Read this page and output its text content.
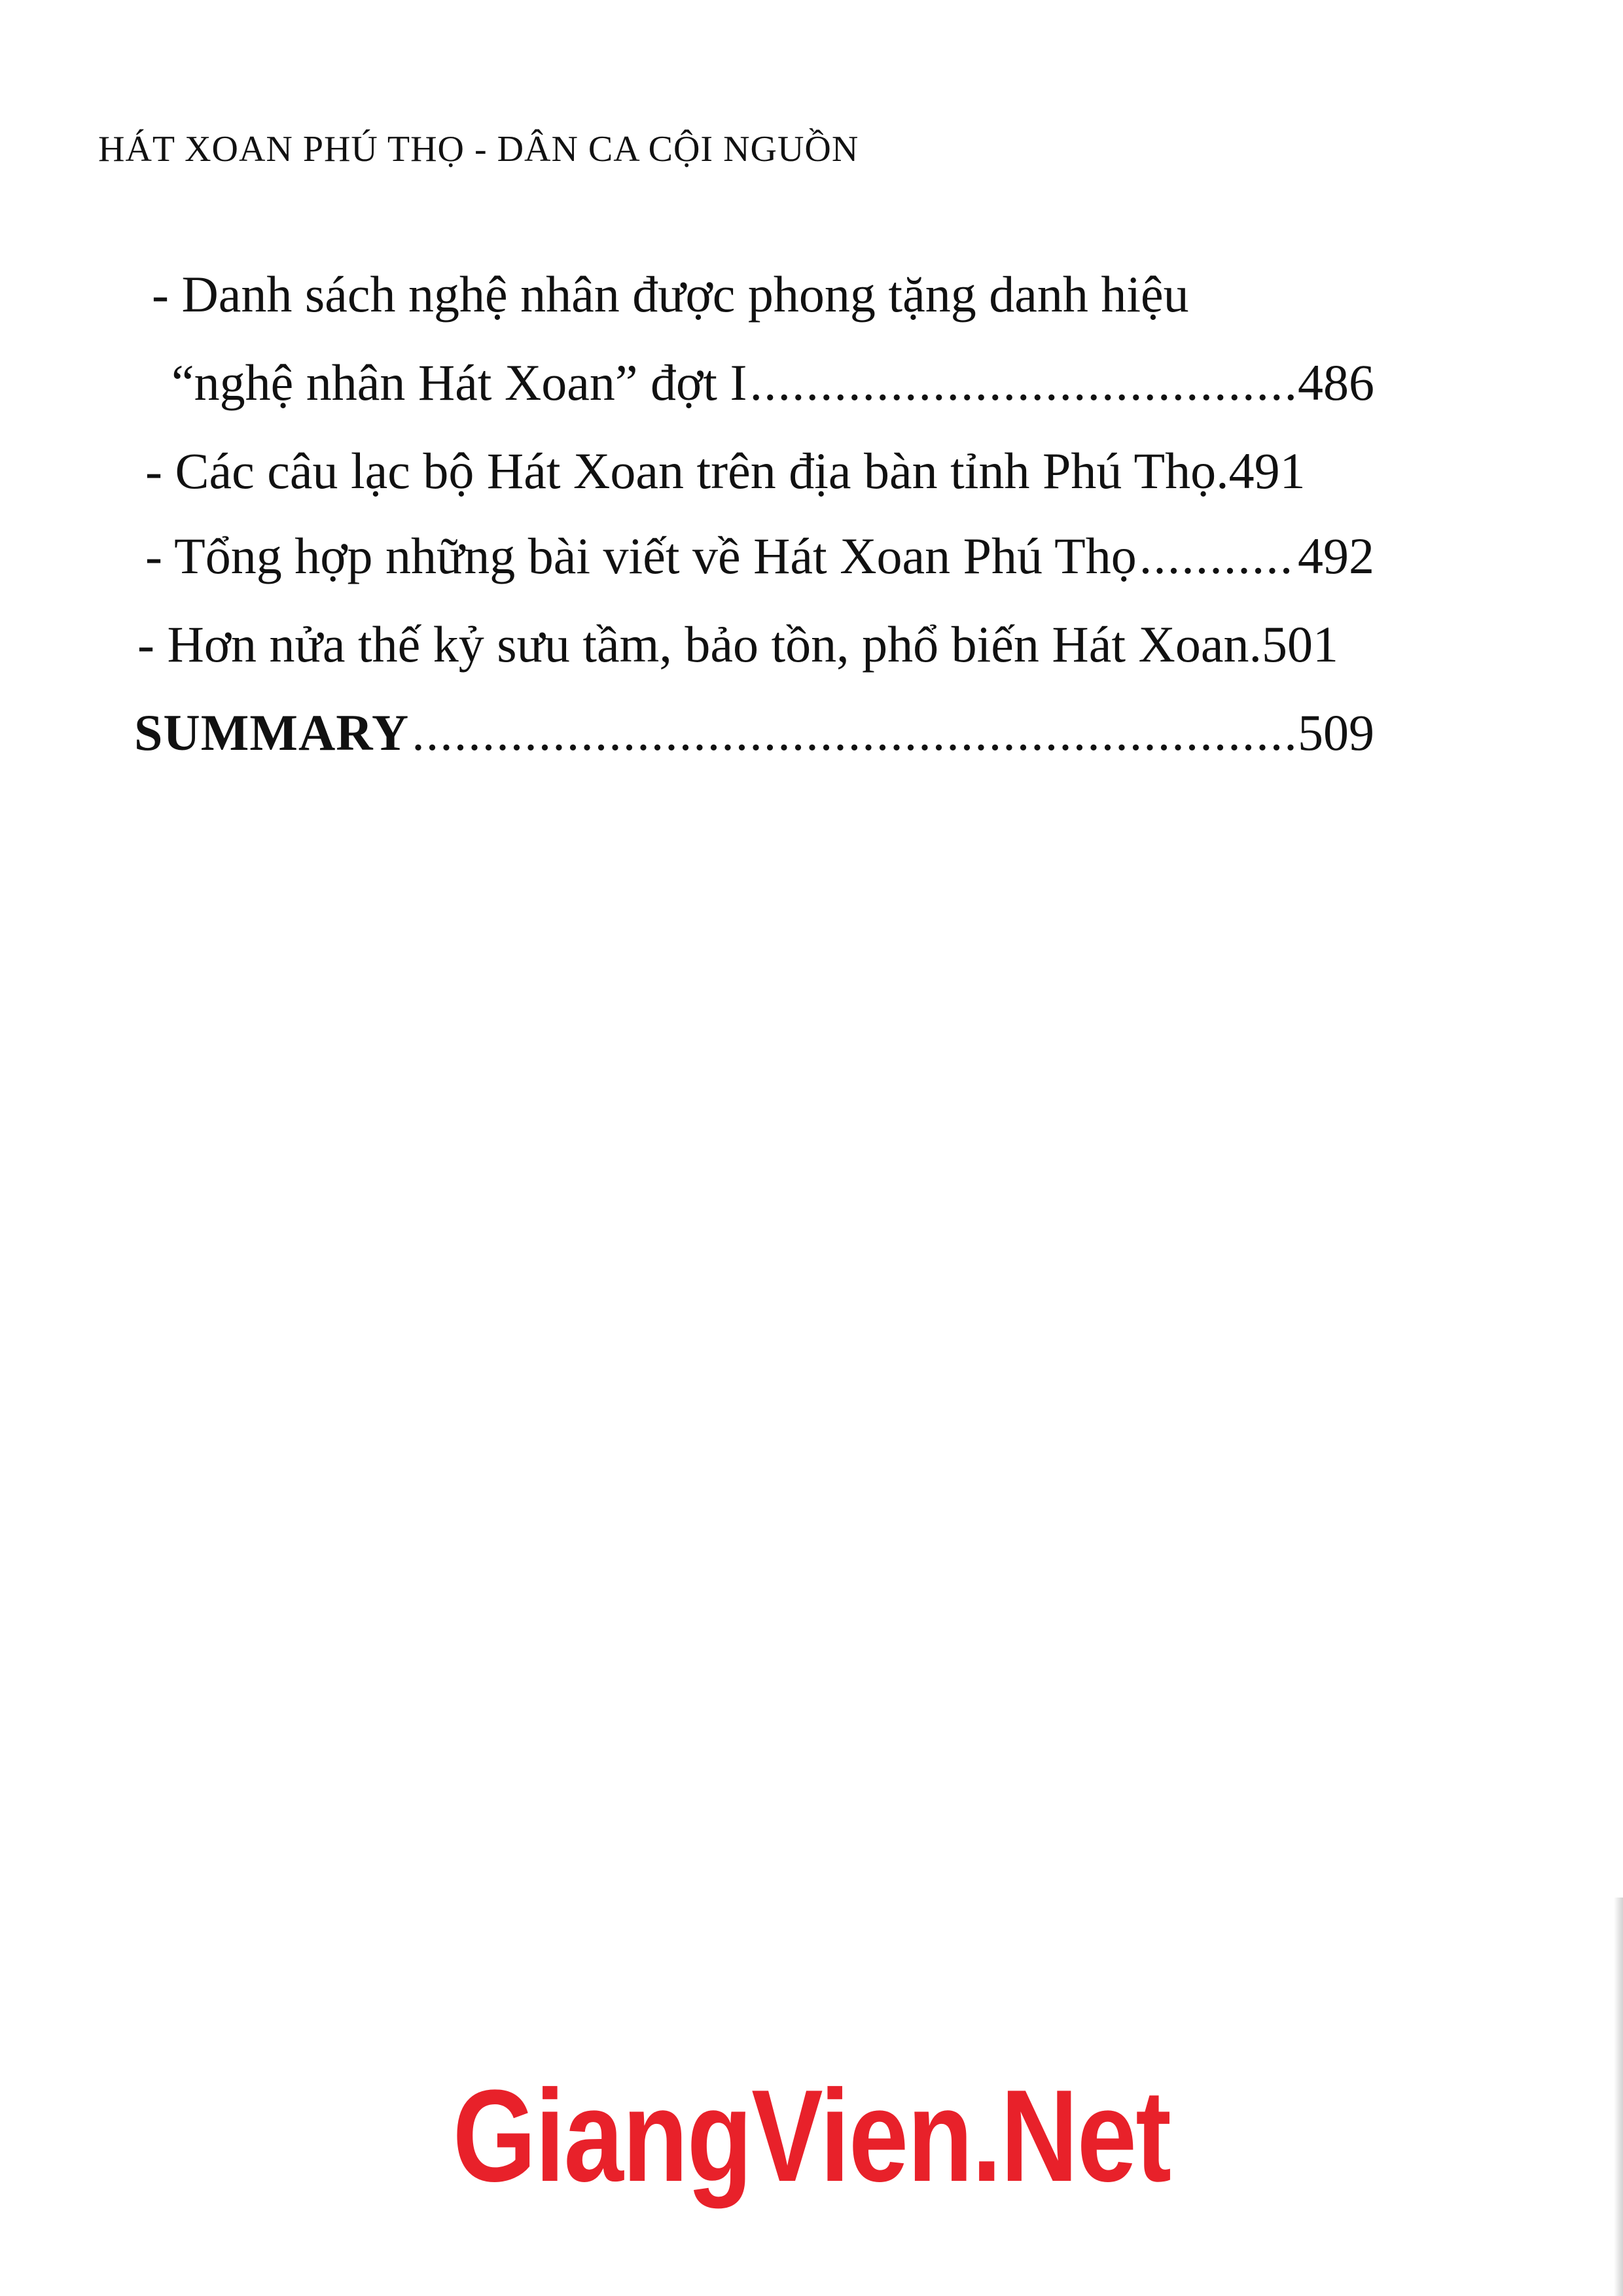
HÁT XOAN PHÚ THỌ - DÂN CA CỘI NGUỒN
- Danh sách nghệ nhân được phong tặng danh hiệu
“nghệ nhân Hát Xoan” đợt I .....	486
- Các câu lạc bộ Hát Xoan trên địa bàn tỉnh Phú Thọ. 491
- Tổng hợp những bài viết về Hát Xoan Phú Thọ .....	492
- Hơn nửa thế kỷ sưu tầm, bảo tồn, phổ biến Hát Xoan. 501
SUMMARY .....	509
GiangVien.Net
